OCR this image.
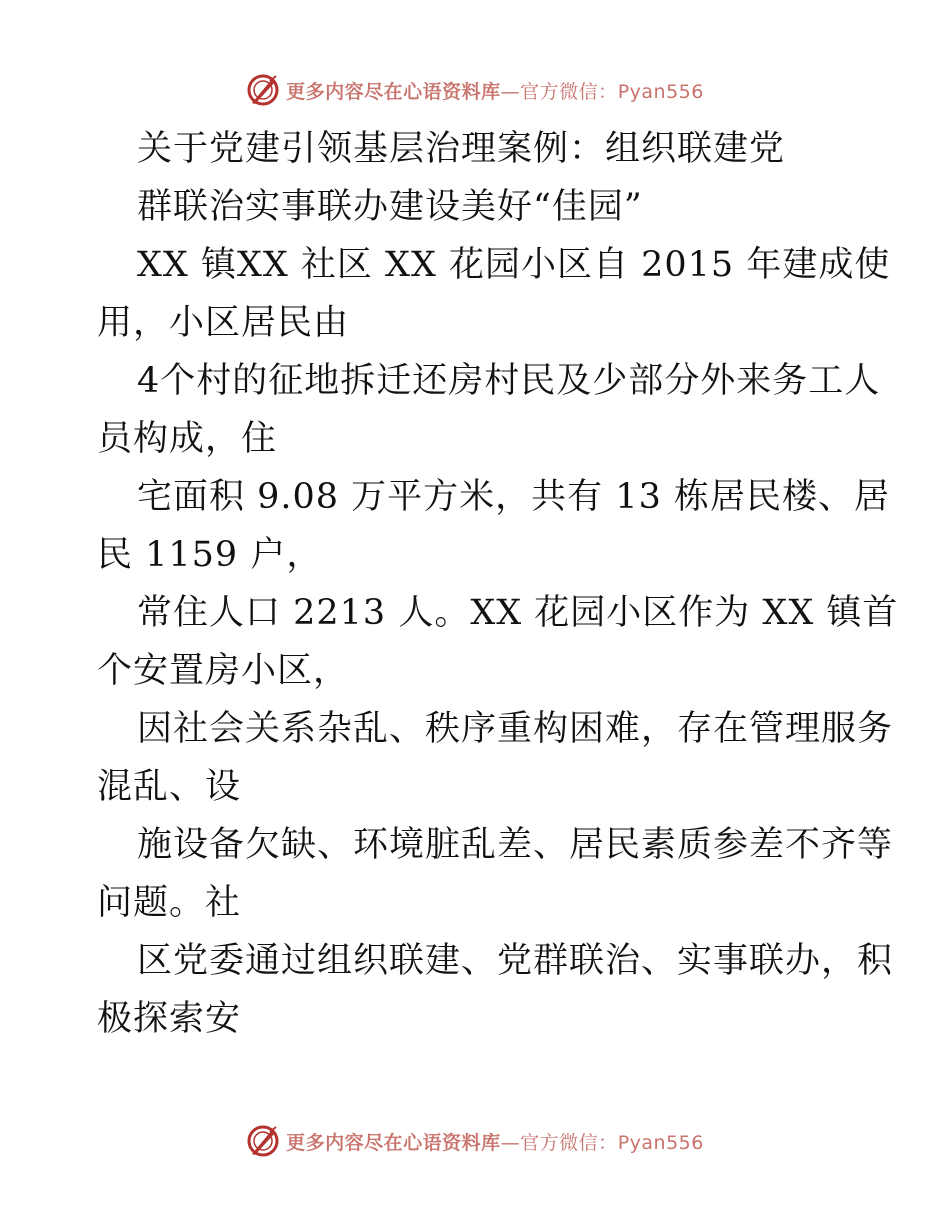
更多内容尽在心语资料库—官方微信：Pyan556
关于党建引领基层治理案例：组织联建党
群联治实事联办建设美好“佳园”
XX 镇XX 社区 XX 花园小区自 2015 年建成使
用，小区居民由
4个村的征地拆迁还房村民及少部分外来务工人
员构成，住
宅面积 9.08 万平方米，共有 13 栋居民楼、居
民 1159 户，
常住人口 2213 人。XX 花园小区作为 XX 镇首
个安置房小区，
因社会关系杂乱、秩序重构困难，存在管理服务
混乱、设
施设备欠缺、环境脏乱差、居民素质参差不齐等
问题。社
区党委通过组织联建、党群联治、实事联办，积
极探索安
更多内容尽在心语资料库—官方微信：Pyan556
